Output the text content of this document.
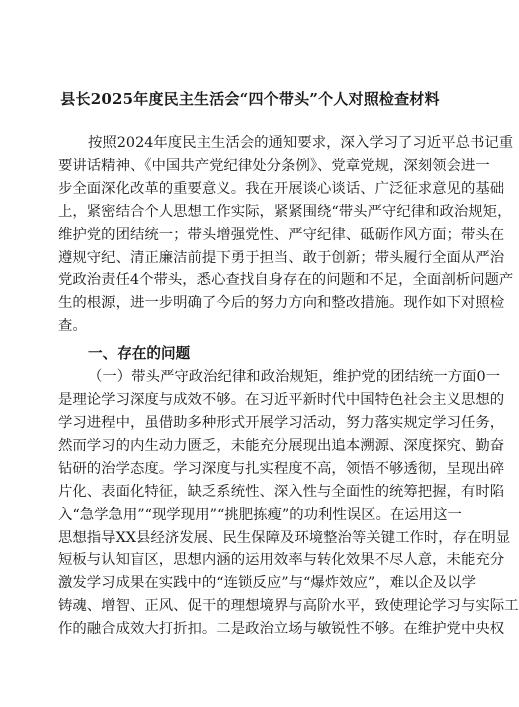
县长2025年度民主生活会“四个带头”个人对照检查材料
按照2024年度民主生活会的通知要求，深入学习了习近平总书记重
要讲话精神、《中国共产党纪律处分条例》、党章党规，深刻领会进一
步全面深化改革的重要意义。我在开展谈心谈话、广泛征求意见的基础
上，紧密结合个人思想工作实际，紧紧围绕“带头严守纪律和政治规矩，
维护党的团结统一；带头增强党性、严守纪律、砥砺作风方面；带头在
遵规守纪、清正廉洁前提下勇于担当、敢于创新；带头履行全面从严治
党政治责任4个带头，悉心查找自身存在的问题和不足，全面剖析问题产
生的根源，进一步明确了今后的努力方向和整改措施。现作如下对照检
查。
一、存在的问题
（一）带头严守政治纪律和政治规矩，维护党的团结统一方面0一
是理论学习深度与成效不够。在习近平新时代中国特色社会主义思想的
学习进程中，虽借助多种形式开展学习活动，努力落实规定学习任务，
然而学习的内生动力匮乏，未能充分展现出追本溯源、深度探究、勤奋
钻研的治学态度。学习深度与扎实程度不高，领悟不够透彻，呈现出碎
片化、表面化特征，缺乏系统性、深入性与全面性的统筹把握，有时陷
入“急学急用”“现学现用”“挑肥拣瘦”的功利性误区。在运用这一
思想指导XX县经济发展、民生保障及环境整治等关键工作时，存在明显
短板与认知盲区，思想内涵的运用效率与转化效果不尽人意，未能充分
激发学习成果在实践中的“连锁反应”与“爆炸效应”，难以企及以学
铸魂、增智、正风、促干的理想境界与高阶水平，致使理论学习与实际工
作的融合成效大打折扣。二是政治立场与敏锐性不够。在维护党中央权
